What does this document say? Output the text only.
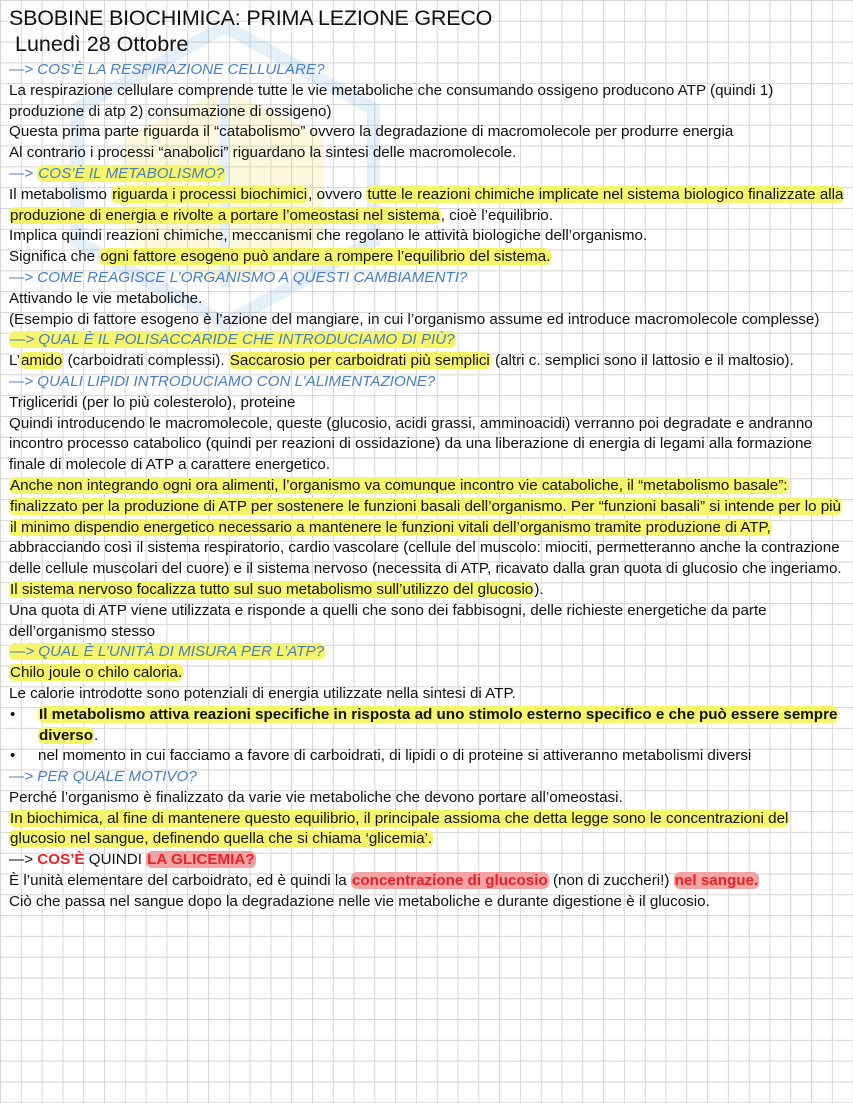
SBOBINE BIOCHIMICA: PRIMA LEZIONE GRECO
Lunedì 28 Ottobre

—> COS’È LA RESPIRAZIONE CELLULARE?

La respirazione cellulare comprende tutte le vie metaboliche che consumando ossigeno producono ATP (quindi 1) produzione di atp 2) consumazione di ossigeno)

Questa prima parte riguarda il “catabolismo” ovvero la degradazione di macromolecole per produrre energia

Al contrario i processi “anabolici” riguardano la sintesi delle macromolecole.

—> COS’È IL METABOLISMO?

Il metabolismo riguarda i processi biochimici, ovvero tutte le reazioni chimiche implicate nel sistema biologico finalizzate alla produzione di energia e rivolte a portare l’omeostasi nel sistema, cioè l’equilibrio.

Implica quindi reazioni chimiche, meccanismi che regolano le attività biologiche dell’organismo.

Significa che ogni fattore esogeno può andare a rompere l’equilibrio del sistema.

—> COME REAGISCE L’ORGANISMO A QUESTI CAMBIAMENTI?

Attivando le vie metaboliche.

(Esempio di fattore esogeno è l’azione del mangiare, in cui l’organismo assume ed introduce macromolecole complesse)

—> QUAL È IL POLISACCARIDE CHE INTRODUCIAMO DI PIÙ?

L’amido (carboidrati complessi). Saccarosio per carboidrati più semplici (altri c. semplici sono il lattosio e il maltosio).

—> QUALI LIPIDI INTRODUCIAMO CON L’ALIMENTAZIONE?

Trigliceridi (per lo più colesterolo), proteine

Quindi introducendo le macromolecole, queste (glucosio, acidi grassi, amminoacidi) verranno poi degradate e andranno incontro processo catabolico (quindi per reazioni di ossidazione) da una liberazione di energia di legami alla formazione finale di molecole di ATP a carattere energetico.

Anche non integrando ogni ora alimenti, l’organismo va comunque incontro vie cataboliche, il “metabolismo basale”: finalizzato per la produzione di ATP per sostenere le funzioni basali dell’organismo. Per “funzioni basali” si intende per lo più il minimo dispendio energetico necessario a mantenere le funzioni vitali dell’organismo tramite produzione di ATP, abbracciando così il sistema respiratorio, cardio vascolare (cellule del muscolo: miociti, permetteranno anche la contrazione delle cellule muscolari del cuore) e il sistema nervoso (necessita di ATP, ricavato dalla gran quota di glucosio che ingeriamo. Il sistema nervoso focalizza tutto sul suo metabolismo sull’utilizzo del glucosio).

Una quota di ATP viene utilizzata e risponde a quelli che sono dei fabbisogni, delle richieste energetiche da parte dell’organismo stesso

—> QUAL È L’UNITÀ DI MISURA PER L’ATP?

Chilo joule o chilo caloria.

Le calorie introdotte sono potenziali di energia utilizzate nella sintesi di ATP.

• Il metabolismo attiva reazioni specifiche in risposta ad uno stimolo esterno specifico e che può essere sempre diverso.
• nel momento in cui facciamo a favore di carboidrati, di lipidi o di proteine si attiveranno metabolismi diversi

—> PER QUALE MOTIVO?

Perché l’organismo è finalizzato da varie vie metaboliche che devono portare all’omeostasi.

In biochimica, al fine di mantenere questo equilibrio, il principale assioma che detta legge sono le concentrazioni del glucosio nel sangue, definendo quella che si chiama ‘glicemia’.

—> COS’È QUINDI LA GLICEMIA?

È l’unità elementare del carboidrato, ed è quindi la concentrazione di glucosio (non di zuccheri!) nel sangue.

Ciò che passa nel sangue dopo la degradazione nelle vie metaboliche e durante digestione è il glucosio.
